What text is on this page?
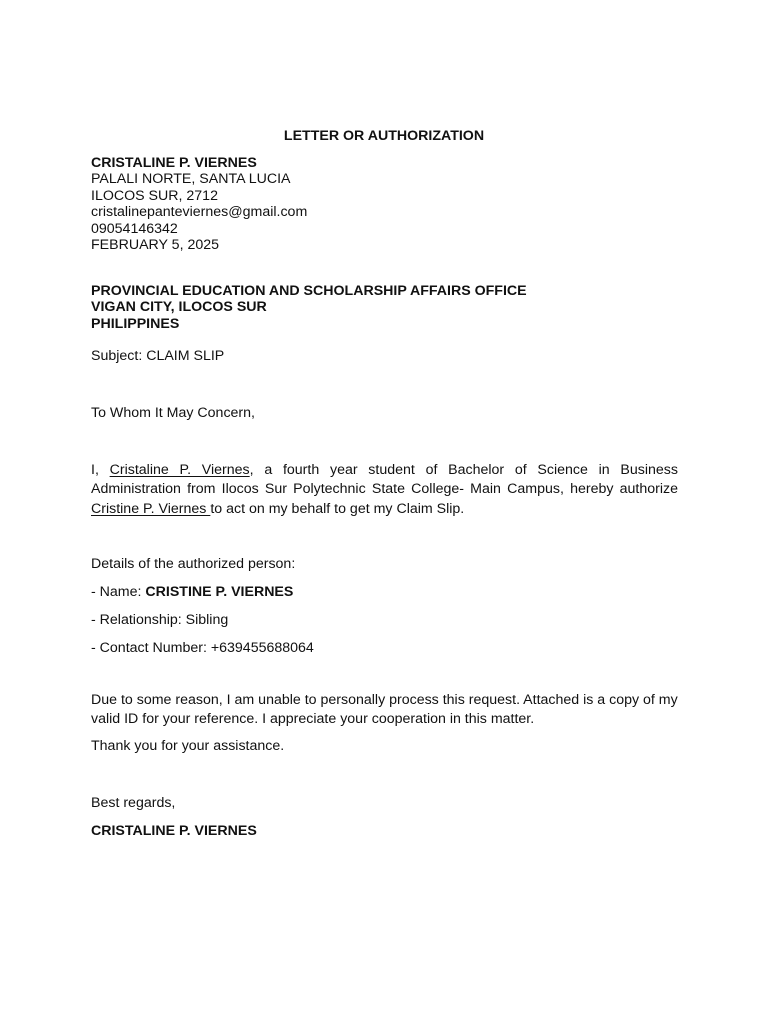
LETTER OR AUTHORIZATION
CRISTALINE P. VIERNES
PALALI NORTE, SANTA LUCIA
ILOCOS SUR, 2712
cristalinepanteviernes@gmail.com
09054146342
FEBRUARY 5, 2025
PROVINCIAL EDUCATION AND SCHOLARSHIP AFFAIRS OFFICE
VIGAN CITY, ILOCOS SUR
PHILIPPINES
Subject: CLAIM SLIP
To Whom It May Concern,
I, Cristaline P. Viernes, a fourth year student of Bachelor of Science in Business Administration from Ilocos Sur Polytechnic State College- Main Campus, hereby authorize Cristine P. Viernes to act on my behalf to get my Claim Slip.
Details of the authorized person:
- Name: CRISTINE P. VIERNES
- Relationship: Sibling
- Contact Number: +639455688064
Due to some reason, I am unable to personally process this request. Attached is a copy of my valid ID for your reference. I appreciate your cooperation in this matter.
Thank you for your assistance.
Best regards,
CRISTALINE P. VIERNES
